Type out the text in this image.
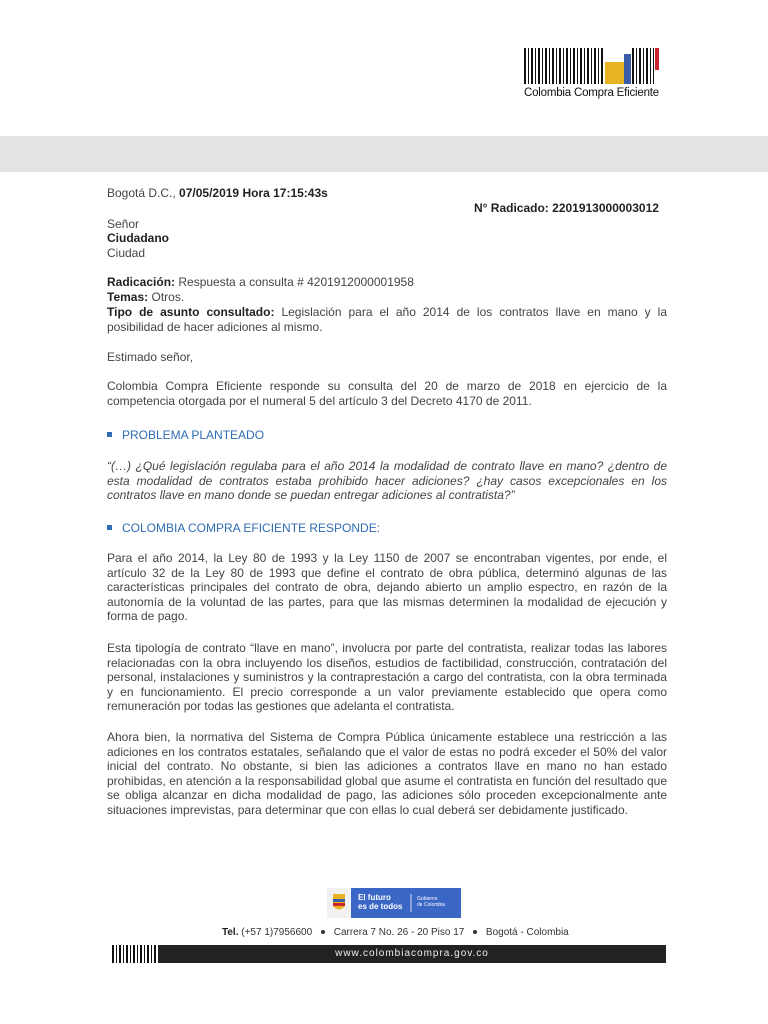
Colombia Compra Eficiente
Bogotá D.C., 07/05/2019 Hora 17:15:43s
N° Radicado: 2201913000003012
Señor
Ciudadano
Ciudad
Radicación: Respuesta a consulta # 4201912000001958
Temas: Otros.

Tipo de asunto consultado: Legislación para el año 2014 de los contratos llave en mano y la posibilidad de hacer adiciones al mismo.

Estimado señor,

Colombia Compra Eficiente responde su consulta del 20 de marzo de 2018 en ejercicio de la competencia otorgada por el numeral 5 del artículo 3 del Decreto 4170 de 2011.

PROBLEMA PLANTEADO

“(…) ¿Qué legislación regulaba para el año 2014 la modalidad de contrato llave en mano? ¿dentro de esta modalidad de contratos estaba prohibido hacer adiciones? ¿hay casos excepcionales en los contratos llave en mano donde se puedan entregar adiciones al contratista?”

COLOMBIA COMPRA EFICIENTE RESPONDE:

Para el año 2014, la Ley 80 de 1993 y la Ley 1150 de 2007 se encontraban vigentes, por ende, el artículo 32 de la Ley 80 de 1993 que define el contrato de obra pública, determinó algunas de las características principales del contrato de obra, dejando abierto un amplio espectro, en razón de la autonomía de la voluntad de las partes, para que las mismas determinen la modalidad de ejecución y forma de pago.

Esta tipología de contrato “llave en mano”, involucra por parte del contratista, realizar todas las labores relacionadas con la obra incluyendo los diseños, estudios de factibilidad, construcción, contratación del personal, instalaciones y suministros y la contraprestación a cargo del contratista, con la obra terminada y en funcionamiento. El precio corresponde a un valor previamente establecido que opera como remuneración por todas las gestiones que adelanta el contratista.

Ahora bien, la normativa del Sistema de Compra Pública únicamente establece una restricción a las adiciones en los contratos estatales, señalando que el valor de estas no podrá exceder el 50% del valor inicial del contrato. No obstante, si bien las adiciones a contratos llave en mano no han estado prohibidas, en atención a la responsabilidad global que asume el contratista en función del resultado que se obliga alcanzar en dicha modalidad de pago, las adiciones sólo proceden excepcionalmente ante situaciones imprevistas, para determinar que con ellas lo cual deberá ser debidamente justificado.

El futuro
es de todos
Gobierno
de Colombia
Tel. (+57 1)7956600 Carrera 7 No. 26 - 20 Piso 17 Bogotá - Colombia
www.colombiacompra.gov.co
